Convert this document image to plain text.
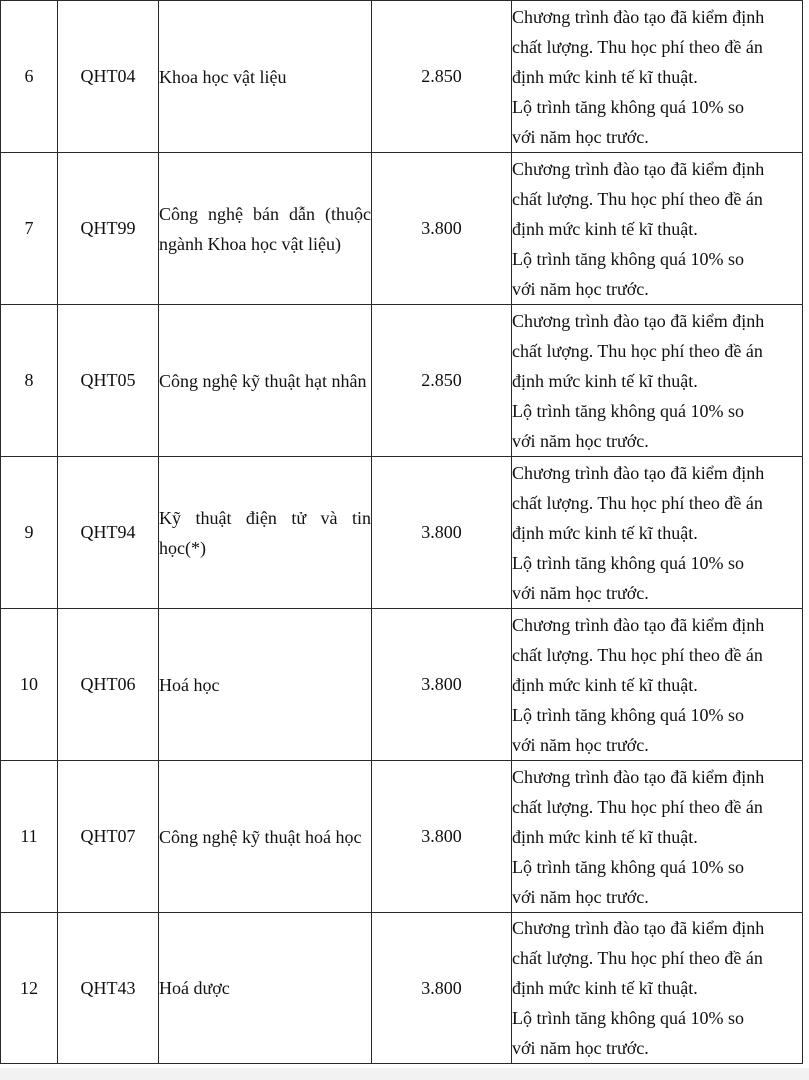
6	QHT04	Khoa học vật liệu	2.850	Chương trình đào tạo đã kiểm định
chất lượng. Thu học phí theo đề án
định mức kinh tế kĩ thuật.
Lộ trình tăng không quá 10% so
với năm học trước.

7	QHT99	Công nghệ bán dẫn (thuộc ngành Khoa học vật liệu)	3.800	Chương trình đào tạo đã kiểm định
chất lượng. Thu học phí theo đề án
định mức kinh tế kĩ thuật.
Lộ trình tăng không quá 10% so
với năm học trước.

8	QHT05	Công nghệ kỹ thuật hạt nhân	2.850	Chương trình đào tạo đã kiểm định
chất lượng. Thu học phí theo đề án
định mức kinh tế kĩ thuật.
Lộ trình tăng không quá 10% so
với năm học trước.

9	QHT94	Kỹ thuật điện tử và tin học(*)	3.800	Chương trình đào tạo đã kiểm định
chất lượng. Thu học phí theo đề án
định mức kinh tế kĩ thuật.
Lộ trình tăng không quá 10% so
với năm học trước.

10	QHT06	Hoá học	3.800	Chương trình đào tạo đã kiểm định
chất lượng. Thu học phí theo đề án
định mức kinh tế kĩ thuật.
Lộ trình tăng không quá 10% so
với năm học trước.

11	QHT07	Công nghệ kỹ thuật hoá học	3.800	Chương trình đào tạo đã kiểm định
chất lượng. Thu học phí theo đề án
định mức kinh tế kĩ thuật.
Lộ trình tăng không quá 10% so
với năm học trước.

12	QHT43	Hoá dược	3.800	Chương trình đào tạo đã kiểm định
chất lượng. Thu học phí theo đề án
định mức kinh tế kĩ thuật.
Lộ trình tăng không quá 10% so
với năm học trước.
